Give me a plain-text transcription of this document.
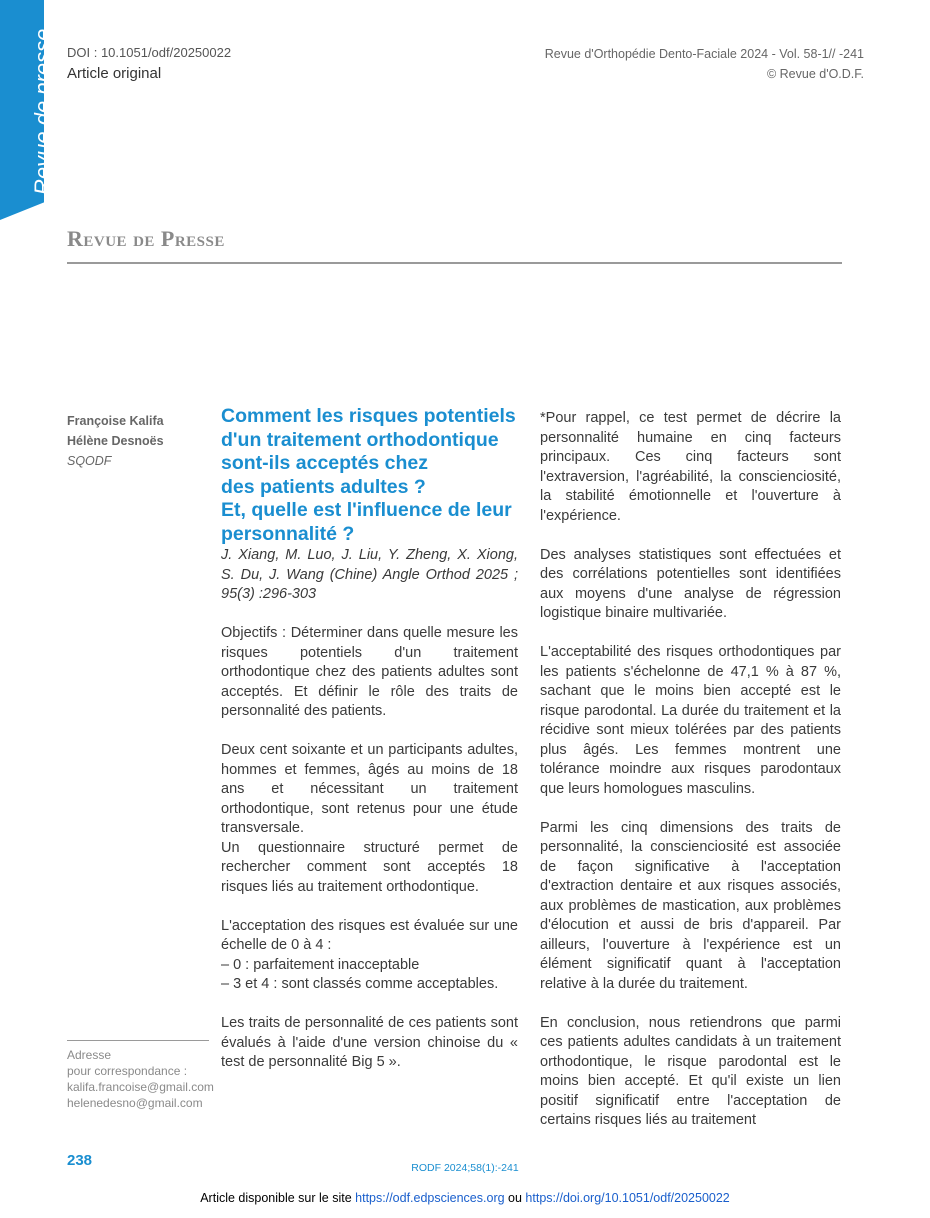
Revue de presse DOI : 10.1051/odf/20250022
Article original
Revue d'Orthopédie Dento-Faciale 2024 - Vol. 58-1// -241
© Revue d'O.D.F.
Revue de Presse
Françoise Kalifa
Hélène Desnoës
SQODF
Comment les risques potentiels
d'un traitement orthodontique
sont-ils acceptés chez
des patients adultes ?
Et, quelle est l'influence de leur
personnalité ?

J. Xiang, M. Luo, J. Liu, Y. Zheng, X. Xiong, S. Du, J. Wang (Chine) Angle Orthod 2025 ; 95(3) :296-303

Objectifs : Déterminer dans quelle mesure les risques potentiels d'un traitement orthodontique chez des patients adultes sont acceptés. Et définir le rôle des traits de personnalité des patients.

Deux cent soixante et un participants adultes, hommes et femmes, âgés au moins de 18 ans et nécessitant un traitement orthodontique, sont retenus pour une étude transversale.

Un questionnaire structuré permet de rechercher comment sont acceptés 18 risques liés au traitement orthodontique.

L'acceptation des risques est évaluée sur une échelle de 0 à 4 :

– 0 : parfaitement inacceptable
– 3 et 4 : sont classés comme acceptables.

Les traits de personnalité de ces patients sont évalués à l'aide d'une version chinoise du « test de personnalité Big 5 ».

*Pour rappel, ce test permet de décrire la personnalité humaine en cinq facteurs principaux. Ces cinq facteurs sont l'extraversion, l'agréabilité, la conscienciosité, la stabilité émotionnelle et l'ouverture à l'expérience.

Des analyses statistiques sont effectuées et des corrélations potentielles sont identifiées aux moyens d'une analyse de régression logistique binaire multivariée.

L'acceptabilité des risques orthodontiques par les patients s'échelonne de 47,1 % à 87 %, sachant que le moins bien accepté est le risque parodontal. La durée du traitement et la récidive sont mieux tolérées par des patients plus âgés. Les femmes montrent une tolérance moindre aux risques parodontaux que leurs homologues masculins.

Parmi les cinq dimensions des traits de personnalité, la conscienciosité est associée de façon significative à l'acceptation d'extraction dentaire et aux risques associés, aux problèmes de mastication, aux problèmes d'élocution et aussi de bris d'appareil. Par ailleurs, l'ouverture à l'expérience est un élément significatif quant à l'acceptation relative à la durée du traitement.

En conclusion, nous retiendrons que parmi ces patients adultes candidats à un traitement orthodontique, le risque parodontal est le moins bien accepté. Et qu'il existe un lien positif significatif entre l'acceptation de certains risques liés au traitement

Adresse
pour correspondance :
kalifa.francoise@gmail.com
helenedesno@gmail.com
238	RODF 2024;58(1):-241
Article disponible sur le site https://odf.edpsciences.org ou https://doi.org/10.1051/odf/20250022
